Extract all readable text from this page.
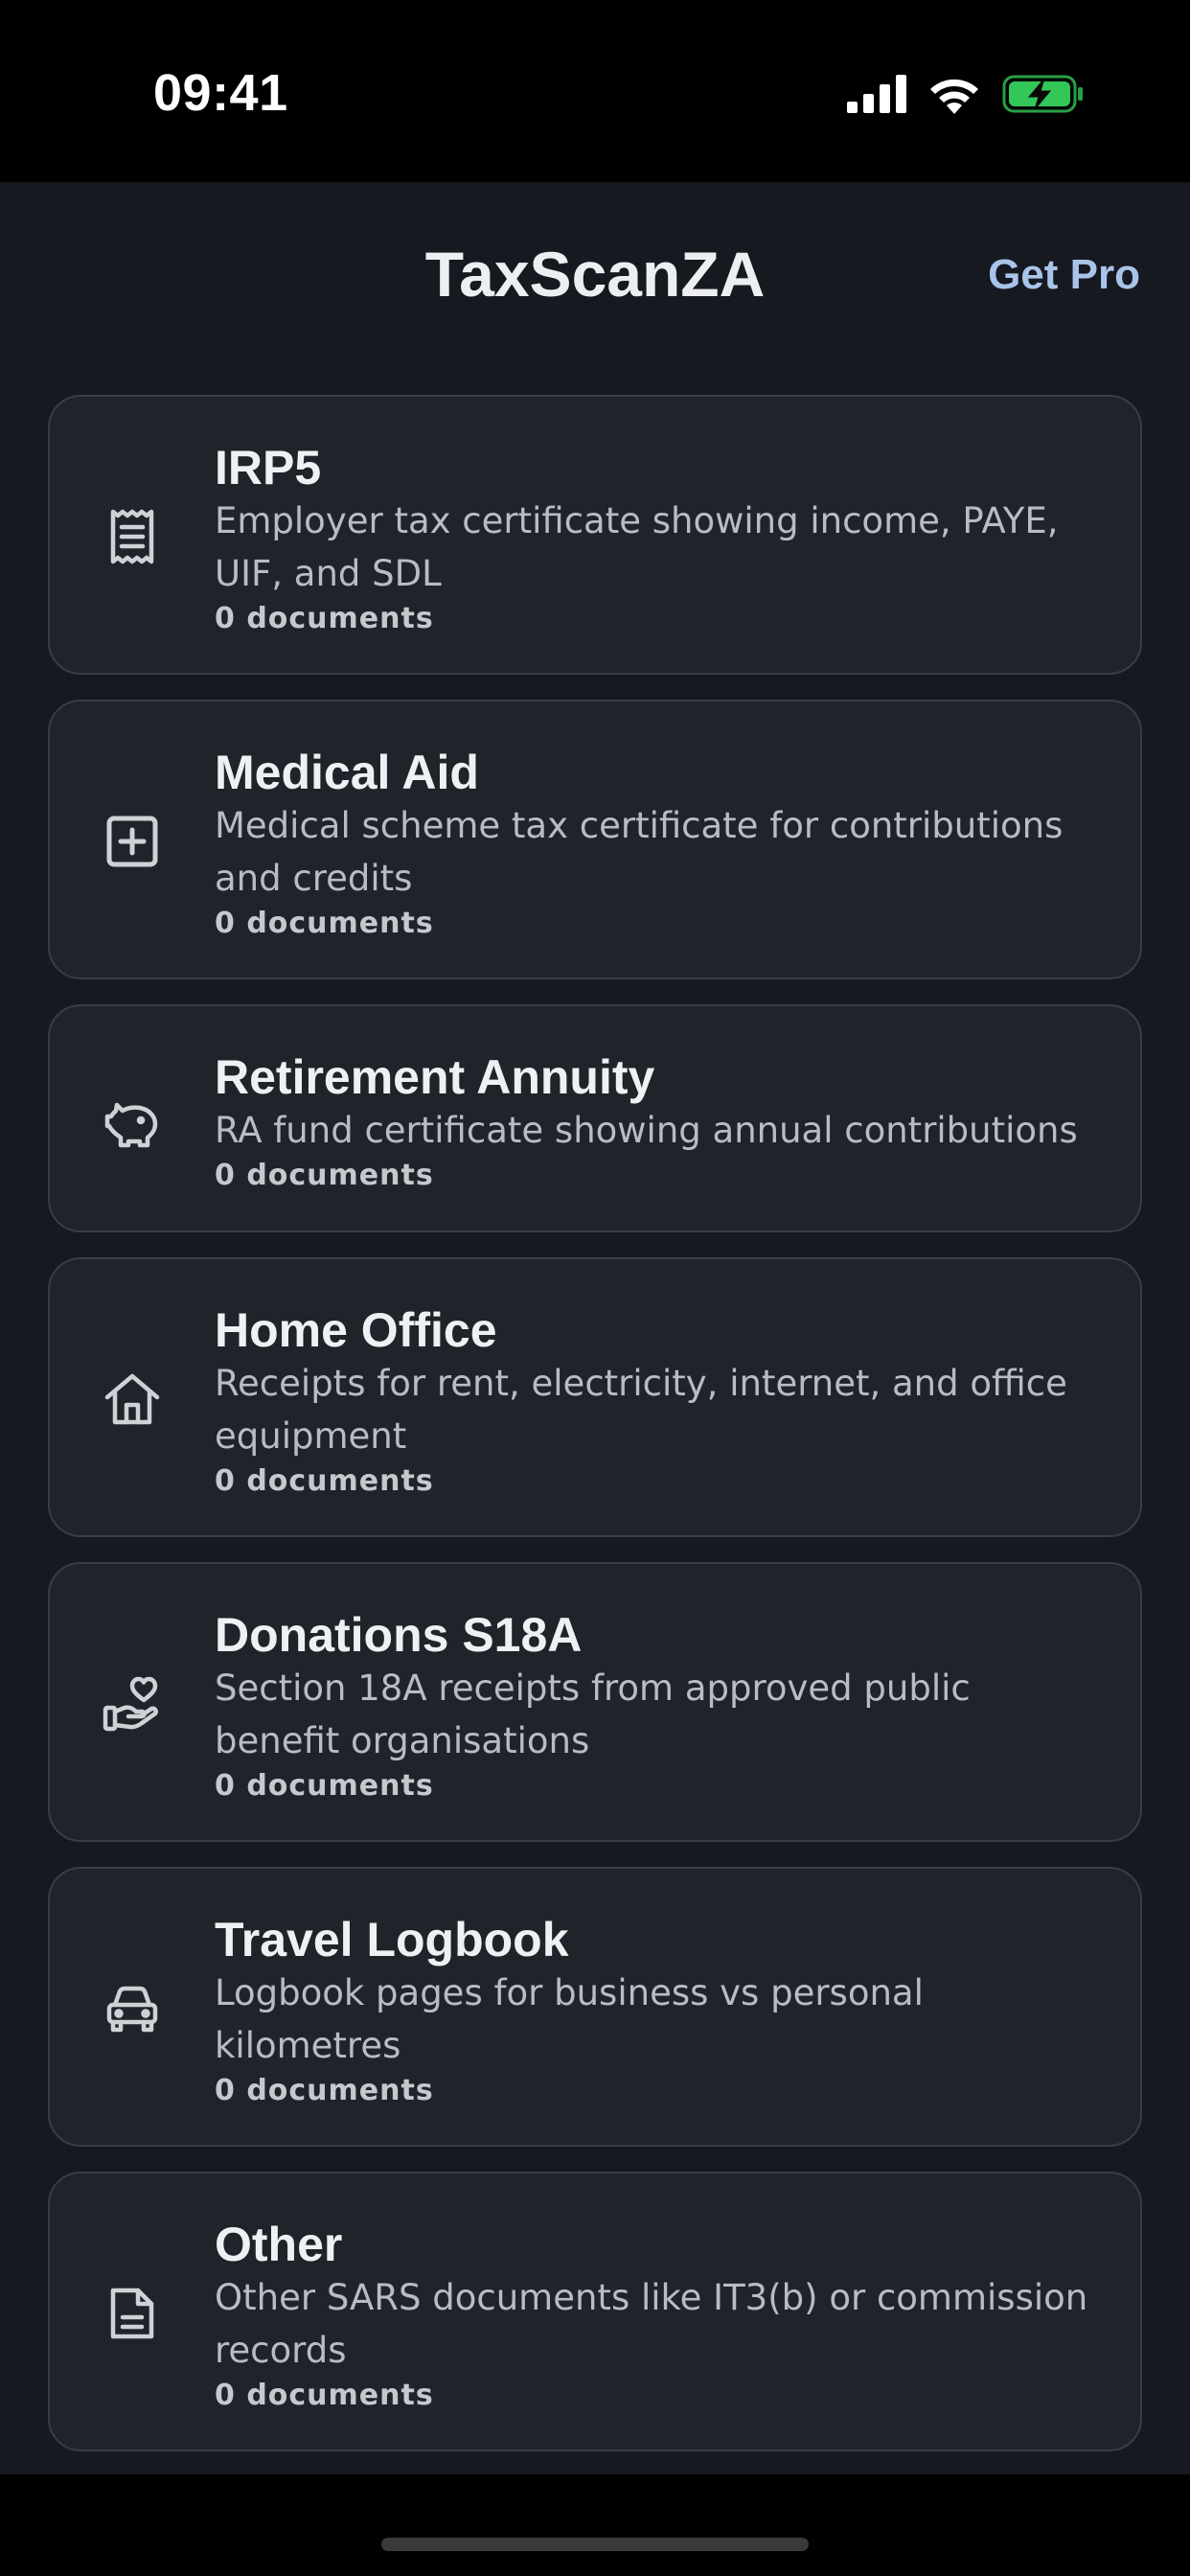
09:41
TaxScanZA	Get Pro
IRP5
Employer tax certificate showing income, PAYE, UIF, and SDL
0 documents
Medical Aid
Medical scheme tax certificate for contributions and credits
0 documents
Retirement Annuity
RA fund certificate showing annual contributions
0 documents
Home Office
Receipts for rent, electricity, internet, and office equipment
0 documents
Donations S18A
Section 18A receipts from approved public benefit organisations
0 documents
Travel Logbook
Logbook pages for business vs personal kilometres
0 documents
Other
Other SARS documents like IT3(b) or commission records
0 documents
